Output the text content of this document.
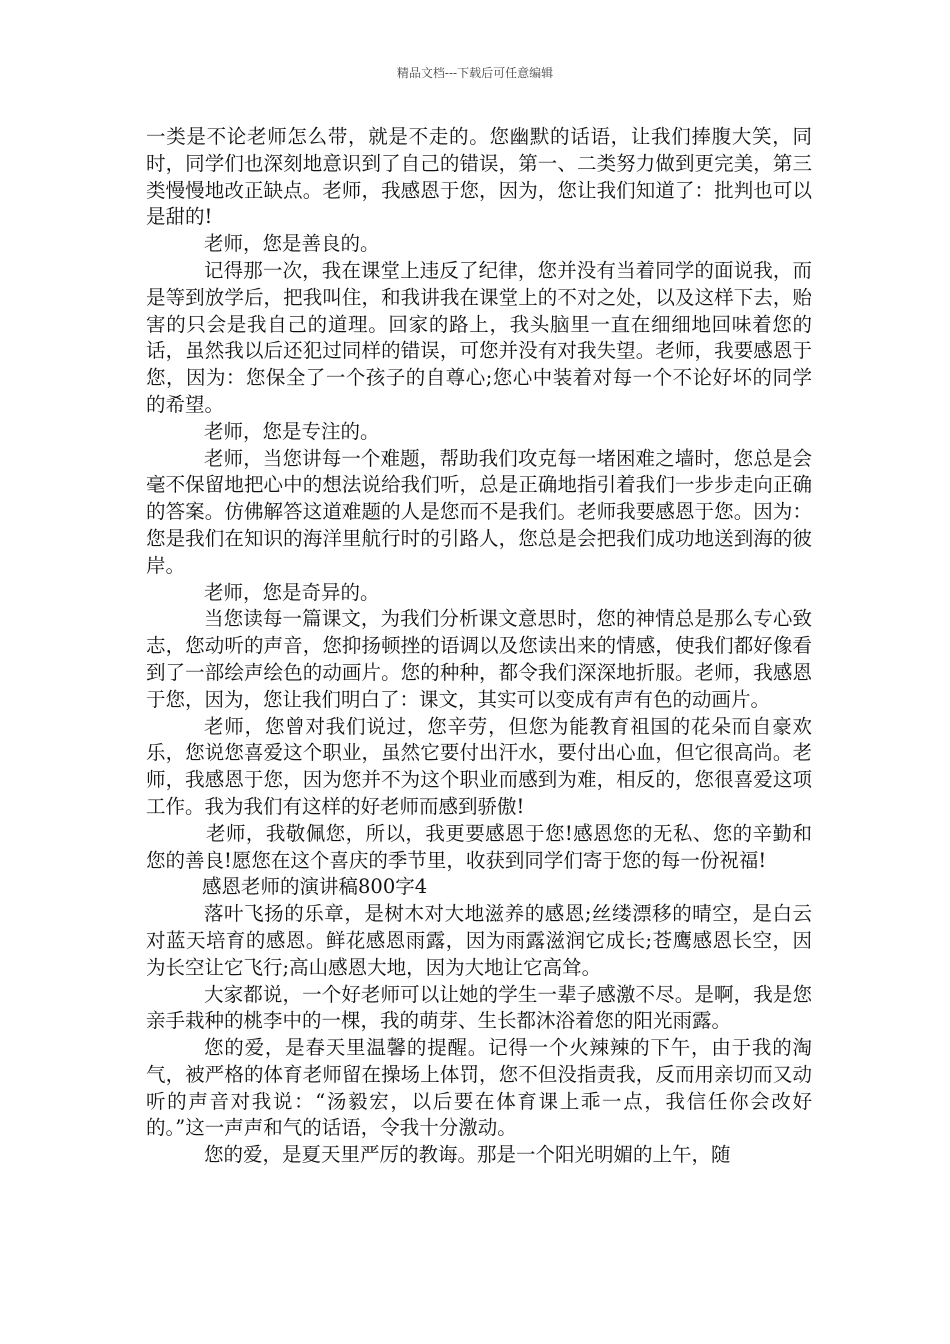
精品文档---下载后可任意编辑

一类是不论老师怎么带，就是不走的。您幽默的话语，让我们捧腹大笑，同时，同学们也深刻地意识到了自己的错误，第一、二类努力做到更完美，第三类慢慢地改正缺点。老师，我感恩于您，因为，您让我们知道了：批判也可以是甜的!

老师，您是善良的。

记得那一次，我在课堂上违反了纪律，您并没有当着同学的面说我，而是等到放学后，把我叫住，和我讲我在课堂上的不对之处，以及这样下去，贻害的只会是我自己的道理。回家的路上，我头脑里一直在细细地回味着您的话，虽然我以后还犯过同样的错误，可您并没有对我失望。老师，我要感恩于您，因为：您保全了一个孩子的自尊心;您心中装着对每一个不论好坏的同学的希望。

老师，您是专注的。

老师，当您讲每一个难题，帮助我们攻克每一堵困难之墙时，您总是会毫不保留地把心中的想法说给我们听，总是正确地指引着我们一步步走向正确的答案。仿佛解答这道难题的人是您而不是我们。老师我要感恩于您。因为：您是我们在知识的海洋里航行时的引路人，您总是会把我们成功地送到海的彼岸。

老师，您是奇异的。

当您读每一篇课文，为我们分析课文意思时，您的神情总是那么专心致志，您动听的声音，您抑扬顿挫的语调以及您读出来的情感，使我们都好像看到了一部绘声绘色的动画片。您的种种，都令我们深深地折服。老师，我感恩于您，因为，您让我们明白了：课文，其实可以变成有声有色的动画片。

老师，您曾对我们说过，您辛劳，但您为能教育祖国的花朵而自豪欢乐，您说您喜爱这个职业，虽然它要付出汗水，要付出心血，但它很高尚。老师，我感恩于您，因为您并不为这个职业而感到为难，相反的，您很喜爱这项工作。我为我们有这样的好老师而感到骄傲!

老师，我敬佩您，所以，我更要感恩于您!感恩您的无私、您的辛勤和您的善良!愿您在这个喜庆的季节里，收获到同学们寄于您的每一份祝福!

感恩老师的演讲稿800字4

落叶飞扬的乐章，是树木对大地滋养的感恩;丝缕漂移的晴空，是白云对蓝天培育的感恩。鲜花感恩雨露，因为雨露滋润它成长;苍鹰感恩长空，因为长空让它飞行;高山感恩大地，因为大地让它高耸。

大家都说，一个好老师可以让她的学生一辈子感激不尽。是啊，我是您亲手栽种的桃李中的一棵，我的萌芽、生长都沐浴着您的阳光雨露。

您的爱，是春天里温馨的提醒。记得一个火辣辣的下午，由于我的淘气，被严格的体育老师留在操场上体罚，您不但没指责我，反而用亲切而又动听的声音对我说：“汤毅宏，以后要在体育课上乖一点，我信任你会改好的。”这一声声和气的话语，令我十分激动。

您的爱，是夏天里严厉的教诲。那是一个阳光明媚的上午，随
